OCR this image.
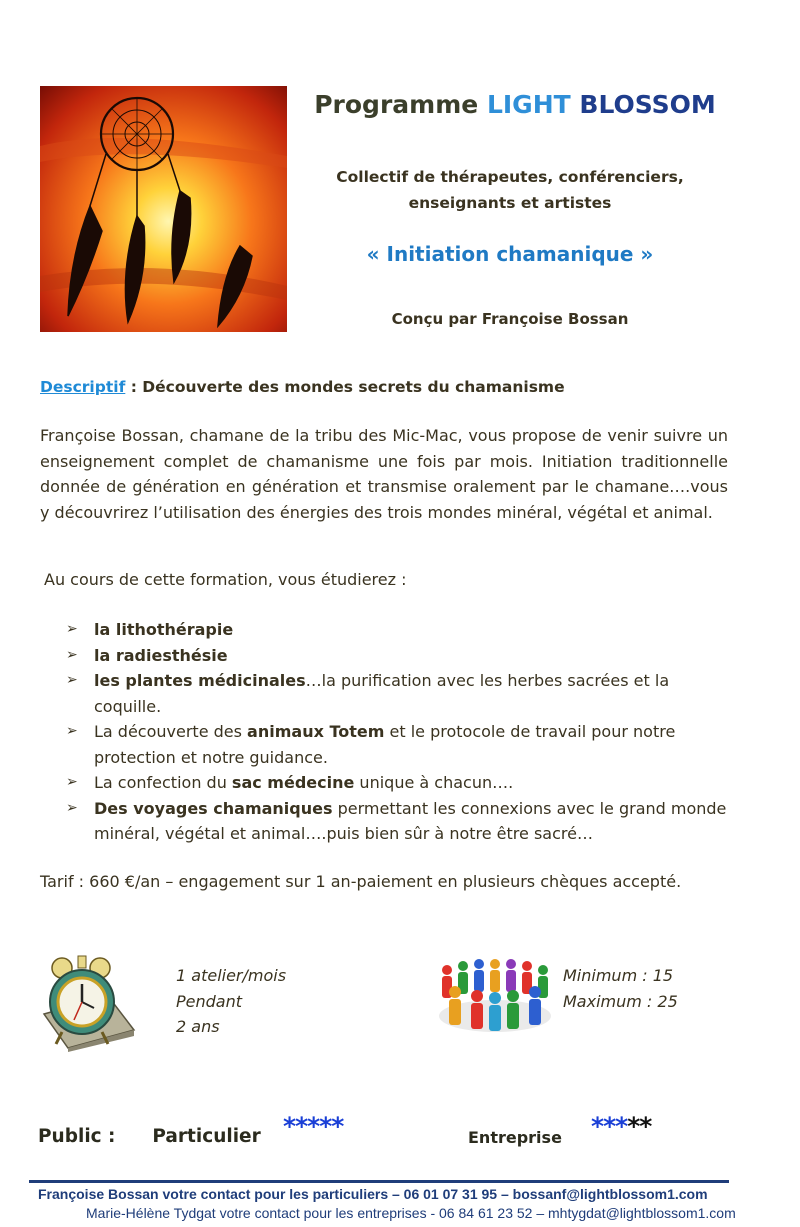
Programme LIGHT BLOSSOM
Collectif de thérapeutes, conférenciers,
enseignants et artistes
« Initiation chamanique »
Conçu par Françoise Bossan
Descriptif : Découverte des mondes secrets du chamanisme
Françoise Bossan, chamane de la tribu des Mic-Mac, vous propose de venir suivre un enseignement complet de chamanisme une fois par mois. Initiation traditionnelle donnée de génération en génération et transmise oralement par le chamane….vous y découvrirez l’utilisation des énergies des trois mondes minéral, végétal et animal.
Au cours de cette formation, vous étudierez :
➢ la lithothérapie
➢ la radiesthésie
➢ les plantes médicinales…la purification avec les herbes sacrées et la coquille.
➢ La découverte des animaux Totem et le protocole de travail pour notre protection et notre guidance.
➢ La confection du sac médecine unique à chacun….
➢ Des voyages chamaniques permettant les connexions avec le grand monde minéral, végétal et animal….puis bien sûr à notre être sacré…
Tarif : 660 €/an – engagement sur 1 an-paiement en plusieurs chèques accepté.
1 atelier/mois
Pendant
2 ans
Minimum : 15
Maximum : 25
Public : Particulier *****	Entreprise *****
Françoise Bossan votre contact pour les particuliers – 06 01 07 31 95 – bossanf@lightblossom1.com
Marie-Hélène Tydgat votre contact pour les entreprises - 06 84 61 23 52 – mhtygdat@lightblossom1.com
